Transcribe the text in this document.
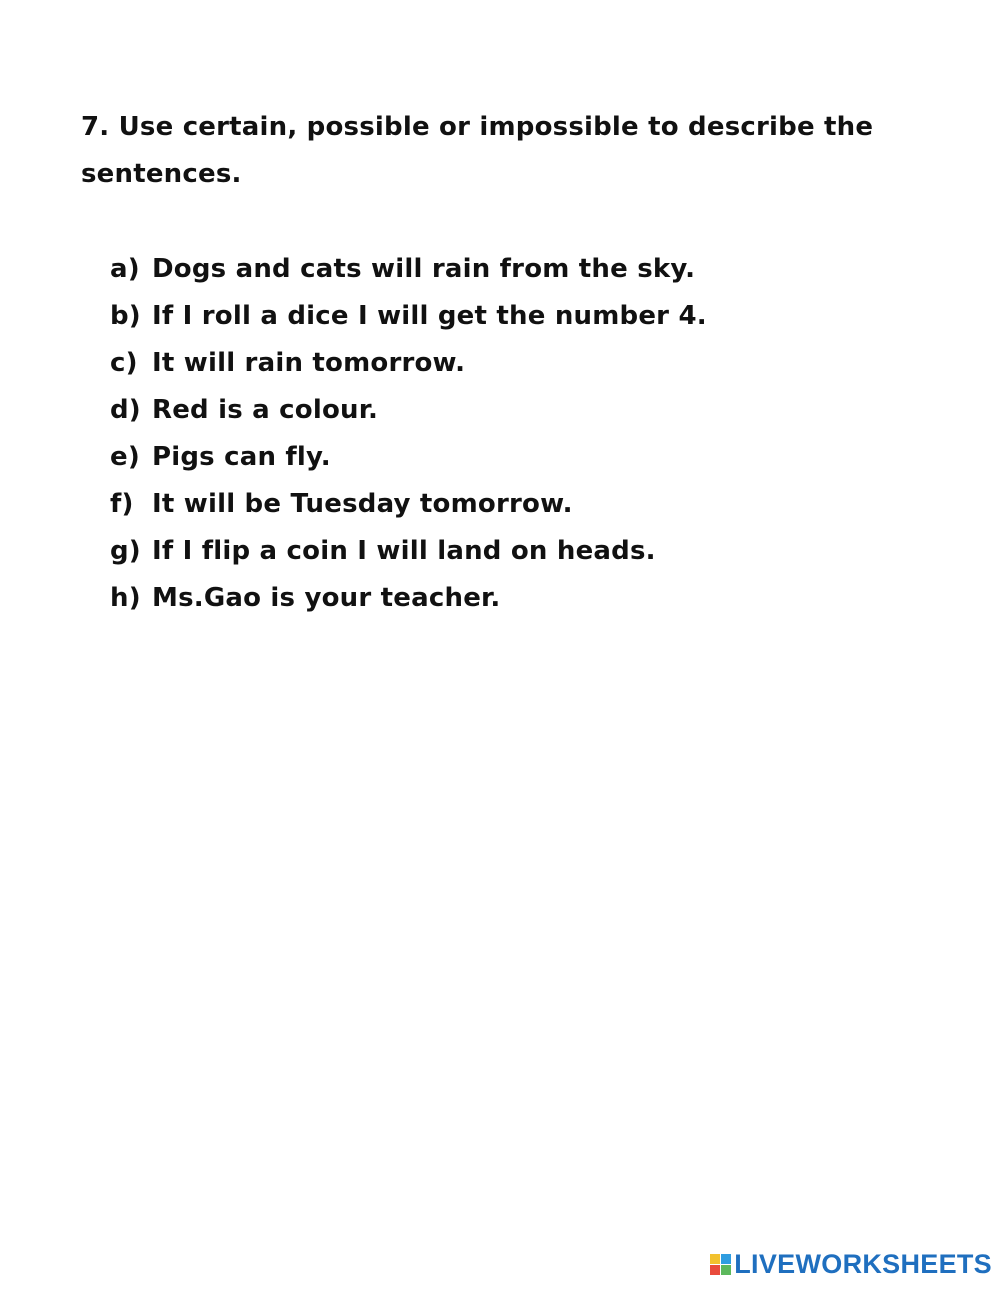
7. Use certain, possible or impossible to describe the sentences.

a) Dogs and cats will rain from the sky.
b) If I roll a dice I will get the number 4.
c) It will rain tomorrow.
d) Red is a colour.
e) Pigs can fly.
f) It will be Tuesday tomorrow.
g) If I flip a coin I will land on heads.
h) Ms.Gao is your teacher.
LIVEWORKSHEETS
